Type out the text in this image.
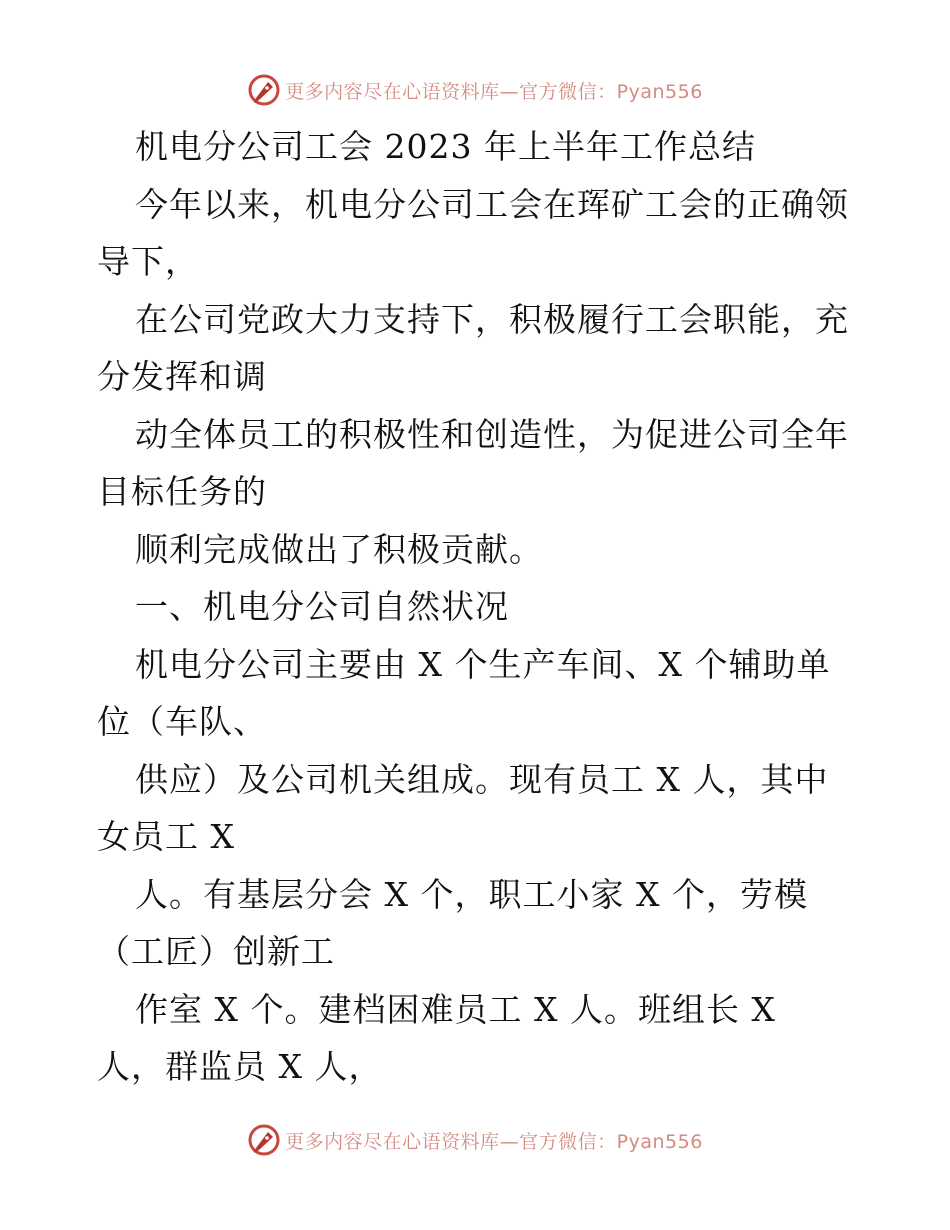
更多内容尽在心语资料库—官方微信：Pyan556
机电分公司工会 2023 年上半年工作总结
今年以来，机电分公司工会在珲矿工会的正确领
导下，
在公司党政大力支持下，积极履行工会职能，充
分发挥和调
动全体员工的积极性和创造性，为促进公司全年
目标任务的
顺利完成做出了积极贡献。
一、机电分公司自然状况
机电分公司主要由 X 个生产车间、X 个辅助单
位（车队、
供应）及公司机关组成。现有员工 X 人，其中
女员工 X
人。有基层分会 X 个，职工小家 X 个，劳模
（工匠）创新工
作室 X 个。建档困难员工 X 人。班组长 X
人，群监员 X 人，
更多内容尽在心语资料库—官方微信：Pyan556
